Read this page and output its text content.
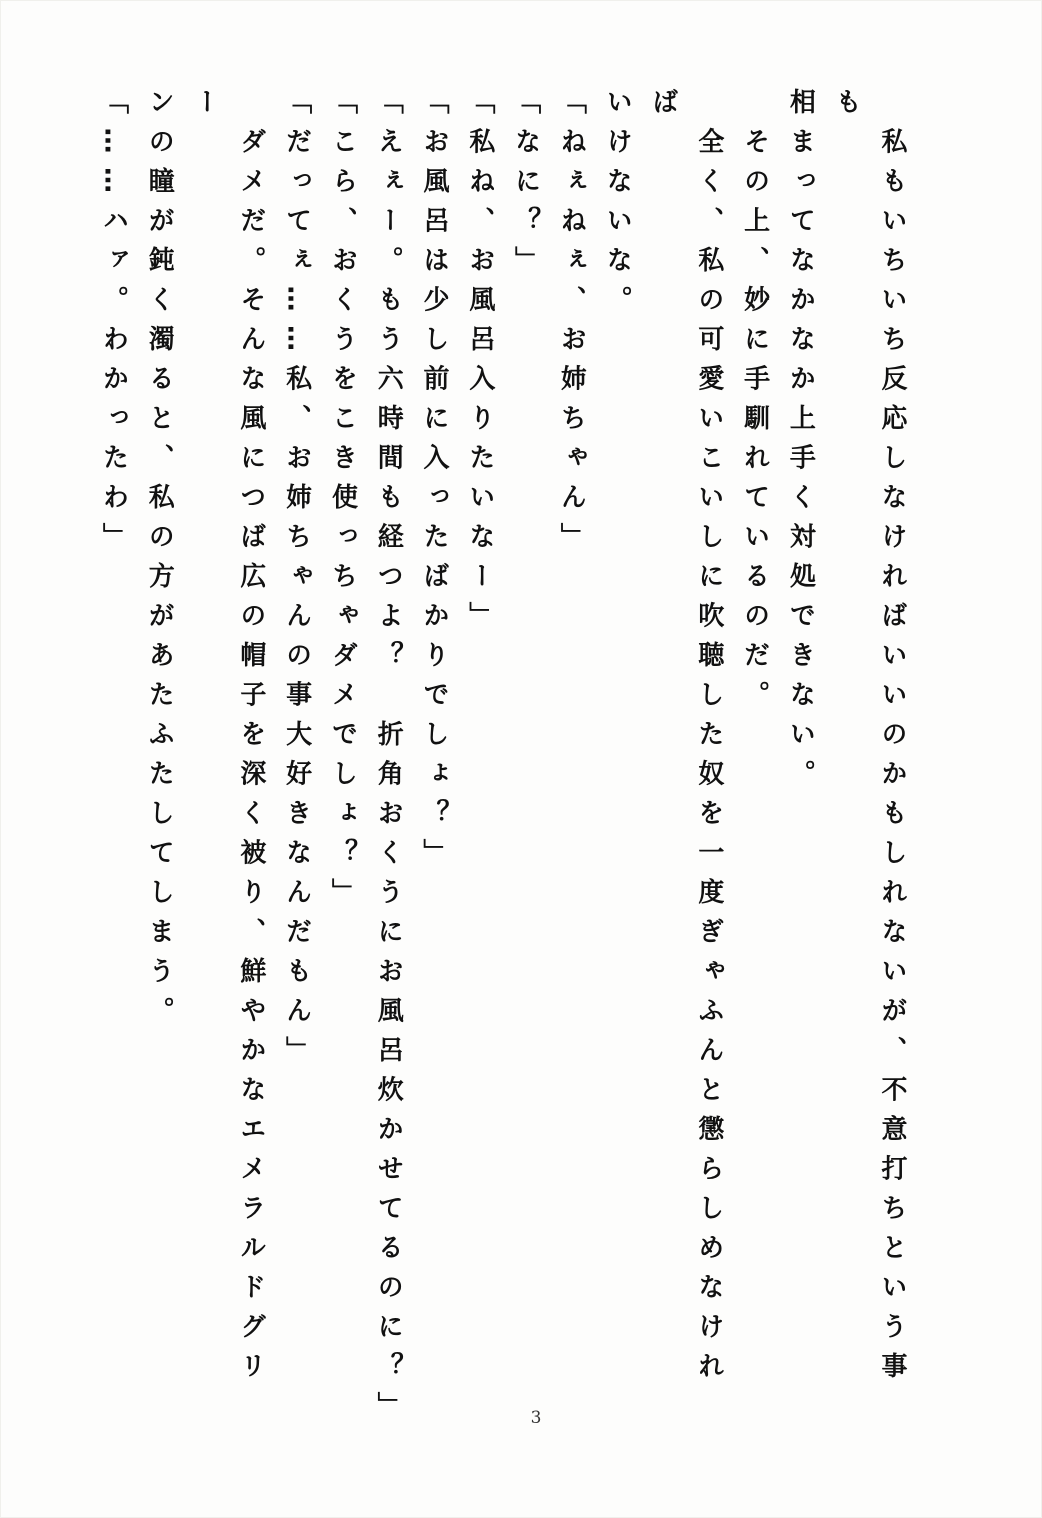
　私もいちいち反応しなければいいのかもしれないが、不意打ちという事も

相まってなかなか上手く対処できない。

　その上、妙に手馴れているのだ。

　全く、私の可愛いこいしに吹聴した奴を一度ぎゃふんと懲らしめなければ

いけないな。

「ねぇねぇ、お姉ちゃん」

「なに？」

「私ね、お風呂入りたいなー」

「お風呂は少し前に入ったばかりでしょ？」

「えぇー。もう六時間も経つよ？　折角おくうにお風呂炊かせてるのに？」

「こら、おくうをこき使っちゃダメでしょ？」

「だってぇ……私、お姉ちゃんの事大好きなんだもん」

　ダメだ。そんな風につば広の帽子を深く被り、鮮やかなエメラルドグリー

ンの瞳が鈍く濁ると、私の方があたふたしてしまう。

「……ハァ。わかったわ」

3
